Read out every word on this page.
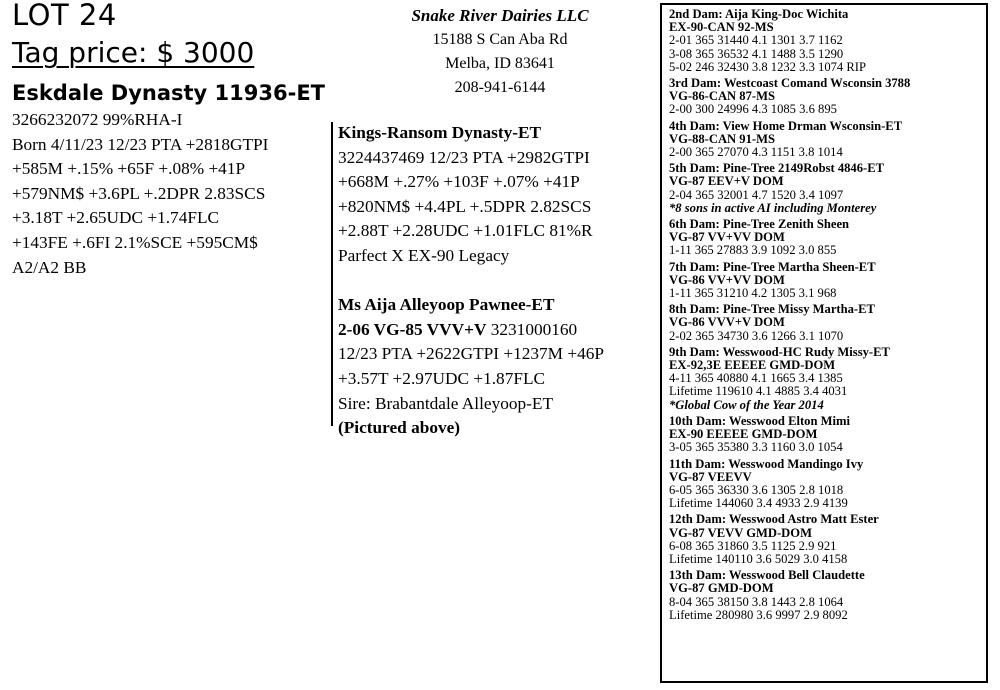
LOT 24
Tag price: $ 3000
Eskdale Dynasty 11936-ET
3266232072 99%RHA-I
Born 4/11/23 12/23 PTA +2818GTPI
+585M +.15% +65F +.08% +41P
+579NM$ +3.6PL +.2DPR 2.83SCS
+3.18T +2.65UDC +1.74FLC
+143FE +.6FI 2.1%SCE +595CM$
A2/A2 BB
Snake River Dairies LLC
15188 S Can Aba Rd
Melba, ID 83641
208-941-6144
Kings-Ransom Dynasty-ET
3224437469 12/23 PTA +2982GTPI
+668M +.27% +103F +.07% +41P
+820NM$ +4.4PL +.5DPR 2.82SCS
+2.88T +2.28UDC +1.01FLC 81%R
Parfect X EX-90 Legacy
Ms Aija Alleyoop Pawnee-ET
2-06 VG-85 VVV+V 3231000160
12/23 PTA +2622GTPI +1237M +46P
+3.57T +2.97UDC +1.87FLC
Sire: Brabantdale Alleyoop-ET
(Pictured above)
2nd Dam: Aija King-Doc Wichita
EX-90-CAN 92-MS
2-01 365 31440 4.1 1301 3.7 1162
3-08 365 36532 4.1 1488 3.5 1290
5-02 246 32430 3.8 1232 3.3 1074 RIP
3rd Dam: Westcoast Comand Wsconsin 3788
VG-86-CAN 87-MS
2-00 300 24996 4.3 1085 3.6 895
4th Dam: View Home Drman Wsconsin-ET
VG-88-CAN 91-MS
2-00 365 27070 4.3 1151 3.8 1014
5th Dam: Pine-Tree 2149Robst 4846-ET
VG-87 EEV+V DOM
2-04 365 32001 4.7 1520 3.4 1097
*8 sons in active AI including Monterey
6th Dam: Pine-Tree Zenith Sheen
VG-87 VV+VV DOM
1-11 365 27883 3.9 1092 3.0 855
7th Dam: Pine-Tree Martha Sheen-ET
VG-86 VV+VV DOM
1-11 365 31210 4.2 1305 3.1 968
8th Dam: Pine-Tree Missy Martha-ET
VG-86 VVV+V DOM
2-02 365 34730 3.6 1266 3.1 1070
9th Dam: Wesswood-HC Rudy Missy-ET
EX-92,3E EEEEE GMD-DOM
4-11 365 40880 4.1 1665 3.4 1385
Lifetime 119610 4.1 4885 3.4 4031
*Global Cow of the Year 2014
10th Dam: Wesswood Elton Mimi
EX-90 EEEEE GMD-DOM
3-05 365 35380 3.3 1160 3.0 1054
11th Dam: Wesswood Mandingo Ivy
VG-87 VEEVV
6-05 365 36330 3.6 1305 2.8 1018
Lifetime 144060 3.4 4933 2.9 4139
12th Dam: Wesswood Astro Matt Ester
VG-87 VEVV GMD-DOM
6-08 365 31860 3.5 1125 2.9 921
Lifetime 140110 3.6 5029 3.0 4158
13th Dam: Wesswood Bell Claudette
VG-87 GMD-DOM
8-04 365 38150 3.8 1443 2.8 1064
Lifetime 280980 3.6 9997 2.9 8092
